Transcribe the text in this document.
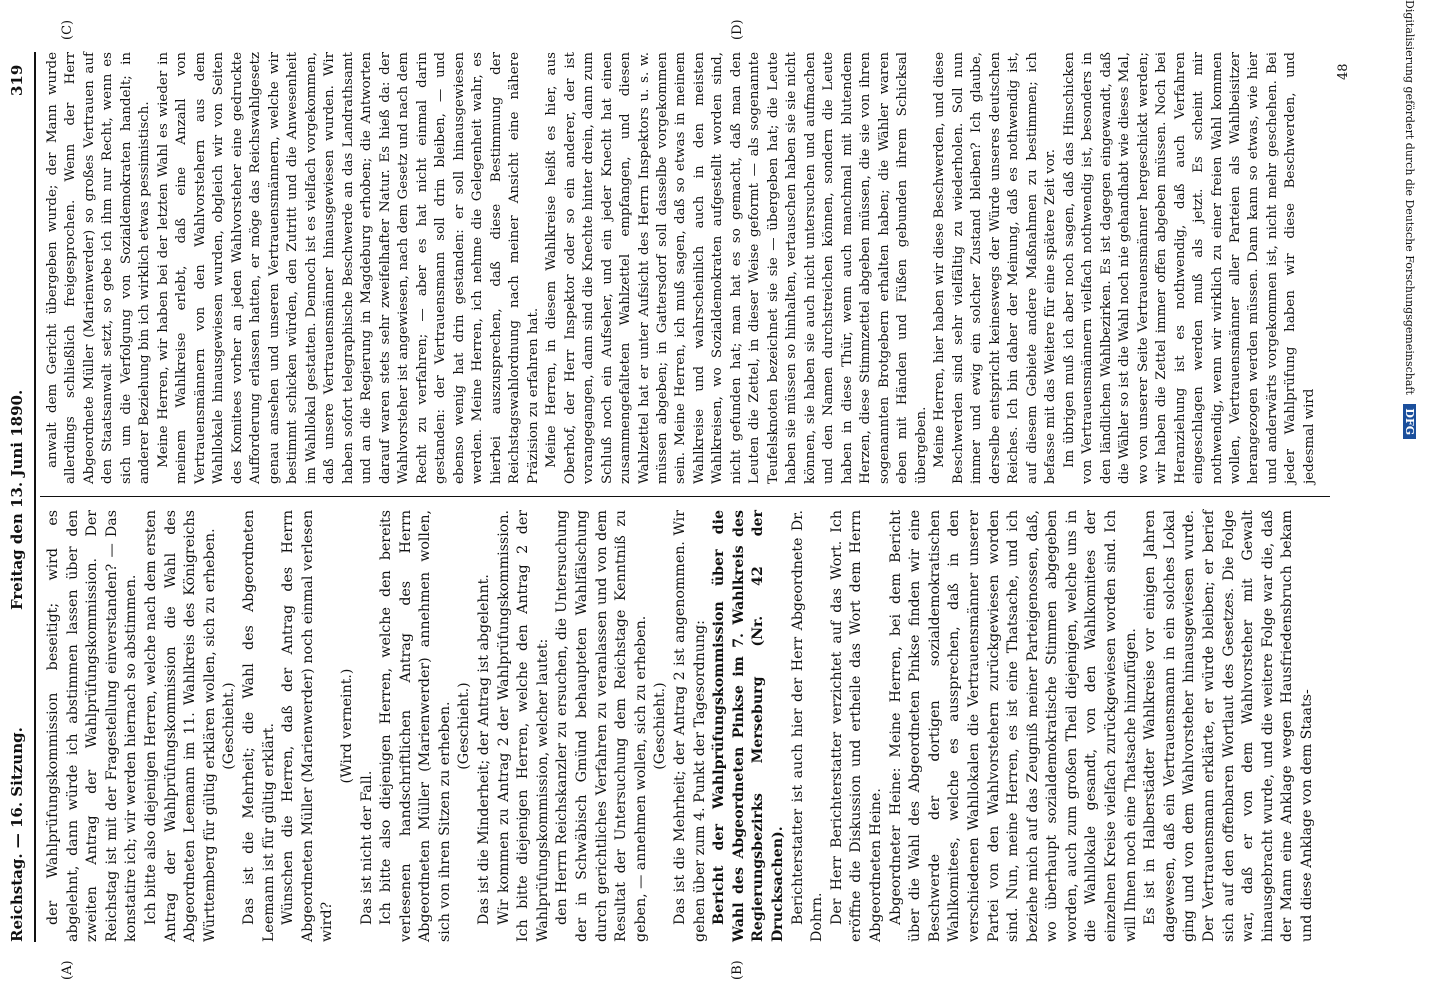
Reichstag. — 16. Sitzung.
Freitag den 13. Juni 1890.
319
(A)	(B)
(C)	(D)

der Wahlprüfungskommission beseitigt; wird es abgelehnt, dann würde ich abstimmen lassen über den zweiten Antrag der Wahlprüfungskommission. Der Reichstag ist mit der Fragestellung einverstanden? — Das konstatire ich; wir werden hiernach so abstimmen. Ich bitte also diejenigen Herren, welche nach dem ersten Antrag der Wahlprüfungskommission die Wahl des Abgeordneten Leemann im 11. Wahlkreis des Königreichs Württemberg für gültig erklären wollen, sich zu erheben. (Geschieht.) Das ist die Mehrheit; die Wahl des Abgeordneten Leemann ist für gültig erklärt. Wünschen die Herren, daß der Antrag des Herrn Abgeordneten Müller (Marienwerder) noch einmal verlesen wird?

(Wird verneint.)

Das ist nicht der Fall. Ich bitte also diejenigen Herren, welche den bereits verlesenen handschriftlichen Antrag des Herrn Abgeordneten Müller (Marienwerder) annehmen wollen, sich von ihren Sitzen zu erheben. (Geschieht.) Das ist die Minderheit; der Antrag ist abgelehnt. Wir kommen zu Antrag 2 der Wahlprüfungskommission. Ich bitte diejenigen Herren, welche den Antrag 2 der Wahlprüfungskommission, welcher lautet: den Herrn Reichskanzler zu ersuchen, die Untersuchung der in Schwäbisch Gmünd behaupteten Wahlfälschung durch gerichtliches Verfahren zu veranlassen und von dem Resultat der Untersuchung dem Reichstage Kenntniß zu geben, — annehmen wollen, sich zu erheben. (Geschieht.) Das ist die Mehrheit; der Antrag 2 ist angenommen. Wir gehen über zum 4. Punkt der Tagesordnung: Bericht der Wahlprüfungskommission über die Wahl des Abgeordneten Pinkse im 7. Wahlkreis des Regierungsbezirks Merseburg (Nr. 42 der Drucksachen). Berichterstatter ist auch hier der Herr Abgeordnete Dr. Dohrn. Der Herr Berichterstatter verzichtet auf das Wort. Ich eröffne die Diskussion und ertheile das Wort dem Herrn Abgeordneten Heine. Abgeordneter Heine: Meine Herren, bei dem Bericht über die Wahl des Abgeordneten Pinkse finden wir eine Beschwerde der dortigen sozialdemokratischen Wahlkomitees, welche es aussprechen, daß in den verschiedenen Wahllokalen die Vertrauensmänner unserer Partei von den Wahlvorstehern zurückgewiesen worden sind. Nun, meine Herren, es ist eine Thatsache, und ich beziehe mich auf das Zeugniß meiner Parteigenossen, daß, wo überhaupt sozialdemokratische Stimmen abgegeben worden, auch zum großen Theil diejenigen, welche uns in die Wahllokale gesandt, von den Wahlkomitees der einzelnen Kreise vielfach zurückgewiesen worden sind. Ich will Ihnen noch eine Thatsache hinzufügen. Es ist in Halberstädter Wahlkreise vor einigen Jahren dagewesen, daß ein Vertrauensmann in ein solches Lokal ging und von dem Wahlvorsteher hinausgewiesen wurde. Der Vertrauensmann erklärte, er würde bleiben; er berief sich auf den offenbaren Wortlaut des Gesetzes. Die Folge war, daß er von dem Wahlvorsteher mit Gewalt hinausgebracht wurde, und die weitere Folge war die, daß der Mann eine Anklage wegen Hausfriedensbruch bekam und diese Anklage von dem Staats-

anwalt dem Gericht übergeben wurde; der Mann wurde allerdings schließlich freigesprochen. Wenn der Herr Abgeordnete Müller (Marienwerder) so großes Vertrauen auf den Staatsanwalt setzt, so gebe ich ihm nur Recht, wenn es sich um die Verfolgung von Sozialdemokraten handelt; in anderer Beziehung bin ich wirklich etwas pessimistisch. Meine Herren, wir haben bei der letzten Wahl es wieder in meinem Wahlkreise erlebt, daß eine Anzahl von Vertrauensmännern von den Wahlvorstehern aus dem Wahllokale hinausgewiesen wurden, obgleich wir von Seiten des Komitees vorher an jeden Wahlvorsteher eine gedruckte Aufforderung erlassen hatten, er möge das Reichswahlgesetz genau ansehen und unseren Vertrauensmännern, welche wir bestimmt schicken würden, den Zutritt und die Anwesenheit im Wahllokal gestatten. Dennoch ist es vielfach vorgekommen, daß unsere Vertrauensmänner hinausgewiesen wurden. Wir haben sofort telegraphische Beschwerde an das Landrathsamt und an die Regierung in Magdeburg erhoben; die Antworten darauf waren stets sehr zweifelhafter Natur. Es hieß da: der Wahlvorsteher ist angewiesen, nach dem Gesetz und nach dem Recht zu verfahren; — aber es hat nicht einmal darin gestanden: der Vertrauensmann soll drin bleiben, — und ebenso wenig hat drin gestanden: er soll hinausgewiesen werden. Meine Herren, ich nehme die Gelegenheit wahr, es hierbei auszusprechen, daß diese Bestimmung der Reichstagswahlordnung nach meiner Ansicht eine nähere Präzision zu erfahren hat. Meine Herren, in diesem Wahlkreise heißt es hier, aus Oberhof, der Herr Inspektor oder so ein anderer, der ist vorangegangen, dann sind die Knechte hinter drein, dann zum Schluß noch ein Aufseher, und ein jeder Knecht hat einen zusammengefalteten Wahlzettel empfangen, und diesen Wahlzettel hat er unter Aufsicht des Herrn Inspektors u. s. w. müssen abgeben; in Gattersdorf soll dasselbe vorgekommen sein. Meine Herren, ich muß sagen, daß so etwas in meinem Wahlkreise und wahrscheinlich auch in den meisten Wahlkreisen, wo Sozialdemokraten aufgestellt worden sind, nicht gefunden hat; man hat es so gemacht, daß man den Leuten die Zettel, in dieser Weise geformt — als sogenannte Teufelsknoten bezeichnet sie sie — übergeben hat; die Leute haben sie müssen so hinhalten, vertauschen haben sie sie nicht können, sie haben sie auch nicht untersuchen und aufmachen und den Namen durchstreichen können, sondern die Leute haben in diese Thür, wenn auch manchmal mit blutendem Herzen, diese Stimmzettel abgeben müssen, die sie von ihren sogenannten Brotgebern erhalten haben; die Wähler waren eben mit Händen und Füßen gebunden ihrem Schicksal übergeben. Meine Herren, hier haben wir diese Beschwerden, und diese Beschwerden sind sehr vielfältig zu wiederholen. Soll nun immer und ewig ein solcher Zustand bleiben? Ich glaube, derselbe entspricht keineswegs der Würde unseres deutschen Reiches. Ich bin daher der Meinung, daß es nothwendig ist, auf diesem Gebiete andere Maßnahmen zu bestimmen; ich befasse mit das Weitere für eine spätere Zeit vor. Im übrigen muß ich aber noch sagen, daß das Hinschicken von Vertrauensmännern vielfach nothwendig ist, besonders in den ländlichen Wahlbezirken. Es ist dagegen eingewandt, daß die Wähler so ist die Wahl noch nie gehandhabt wie dieses Mal, wo von unserer Seite Vertrauensmänner hergeschickt werden; wir haben die Zettel immer offen abgeben müssen. Noch bei Heranziehung ist es nothwendig, daß auch Verfahren eingeschlagen werden muß als jetzt. Es scheint mir nothwendig, wenn wir wirklich zu einer freien Wahl kommen wollen, Vertrauensmänner aller Parteien als Wahlbeisitzer herangezogen werden müssen. Dann kann so etwas, wie hier und anderwärts vorgekommen ist, nicht mehr geschehen. Bei jeder Wahlprüfung haben wir diese Beschwerden, und jedesmal wird

48	Digitalisierung gefördert durch die Deutsche Forschungsgemeinschaft DFG
